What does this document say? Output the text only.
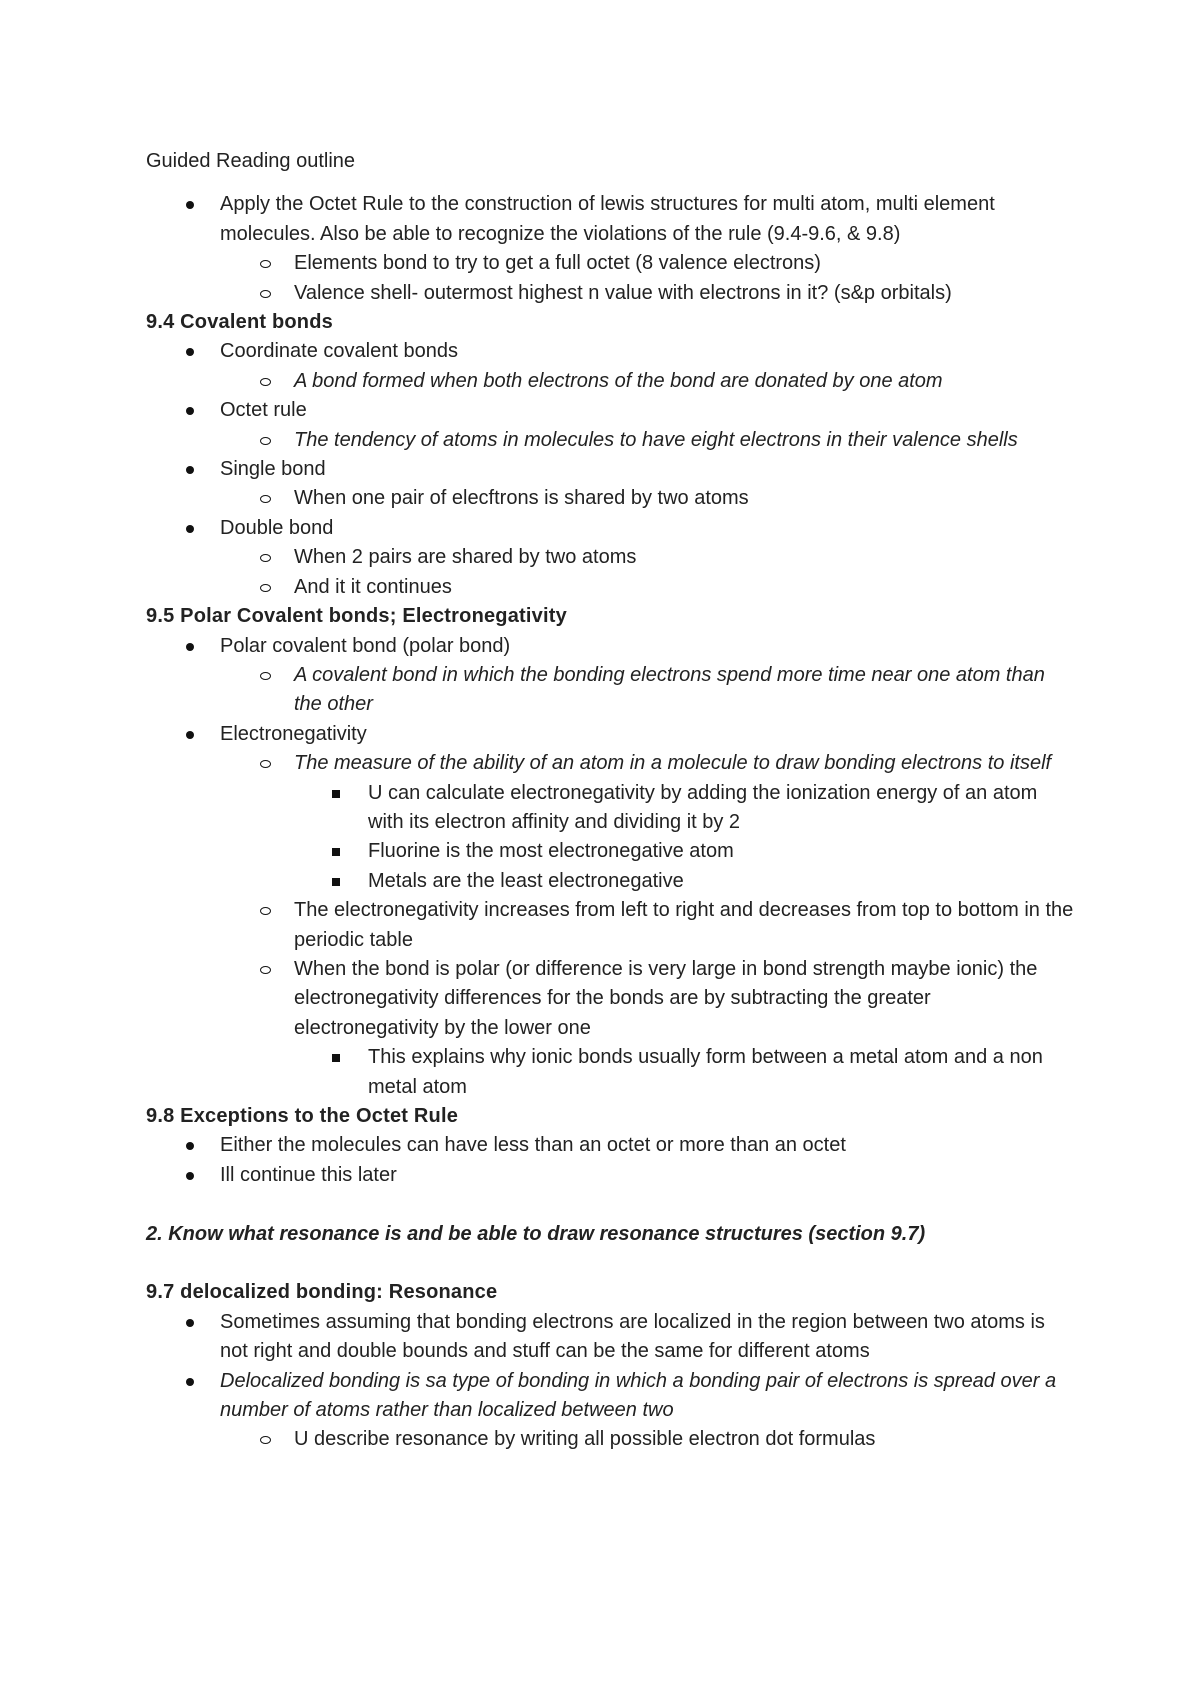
Guided Reading outline
Apply the Octet Rule to the construction of lewis structures for multi atom, multi element molecules. Also be able to recognize the violations of the rule (9.4-9.6, & 9.8)
Elements bond to try to get a full octet (8 valence electrons)
Valence shell- outermost highest n value with electrons in it? (s&p orbitals)
9.4 Covalent bonds
Coordinate covalent bonds
A bond formed when both electrons of the bond are donated by one atom
Octet rule
The tendency of atoms in molecules to have eight electrons in their valence shells
Single bond
When one pair of elecftrons is shared by two atoms
Double bond
When 2 pairs are shared by two atoms
And it it continues
9.5 Polar Covalent bonds; Electronegativity
Polar covalent bond (polar bond)
A covalent bond in which the bonding electrons spend more time near one atom than the other
Electronegativity
The measure of the ability of an atom in a molecule to draw bonding electrons to itself
U can calculate electronegativity by adding the ionization energy of an atom with its electron affinity and dividing it by 2
Fluorine is the most electronegative atom
Metals are the least electronegative
The electronegativity increases from left to right and decreases from top to bottom in the periodic table
When the bond is polar (or difference is very large in bond strength maybe ionic) the electronegativity differences for the bonds are by subtracting the greater electronegativity by the lower one
This explains why ionic bonds usually form between a metal atom and a non metal atom
9.8 Exceptions to the Octet Rule
Either the molecules can have less than an octet or more than an octet
Ill continue this later
2. Know what resonance is and be able to draw resonance structures (section 9.7)
9.7 delocalized bonding: Resonance
Sometimes assuming that bonding electrons are localized in the region between two atoms is not right and double bounds and stuff can be the same for different atoms
Delocalized bonding is sa type of bonding in which a bonding pair of electrons is spread over a number of atoms rather than localized between two
U describe resonance by writing all possible electron dot formulas
